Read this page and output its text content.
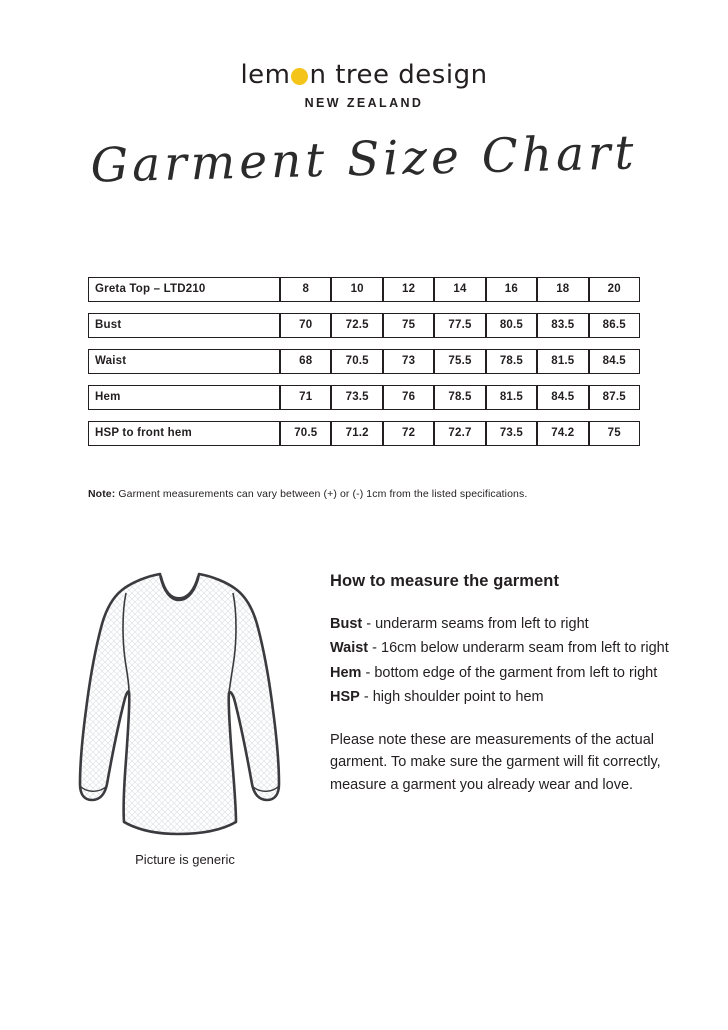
lem n tree design
NEW ZEALAND
Garment Size Chart
Greta Top – LTD210	8	10	12	14	16	18	20
Bust	70	72.5	75	77.5	80.5	83.5	86.5
Waist	68	70.5	73	75.5	78.5	81.5	84.5
Hem	71	73.5	76	78.5	81.5	84.5	87.5
HSP to front hem	70.5	71.2	72	72.7	73.5	74.2	75
Note: Garment measurements can vary between (+) or (-) 1cm from the listed specifications.
Picture is generic
How to measure the garment

Bust - underarm seams from left to right

Waist - 16cm below underarm seam from left to right

Hem - bottom edge of the garment from left to right

HSP - high shoulder point to hem

Please note these are measurements of the actual garment. To make sure the garment will fit correctly, measure a garment you already wear and love.
